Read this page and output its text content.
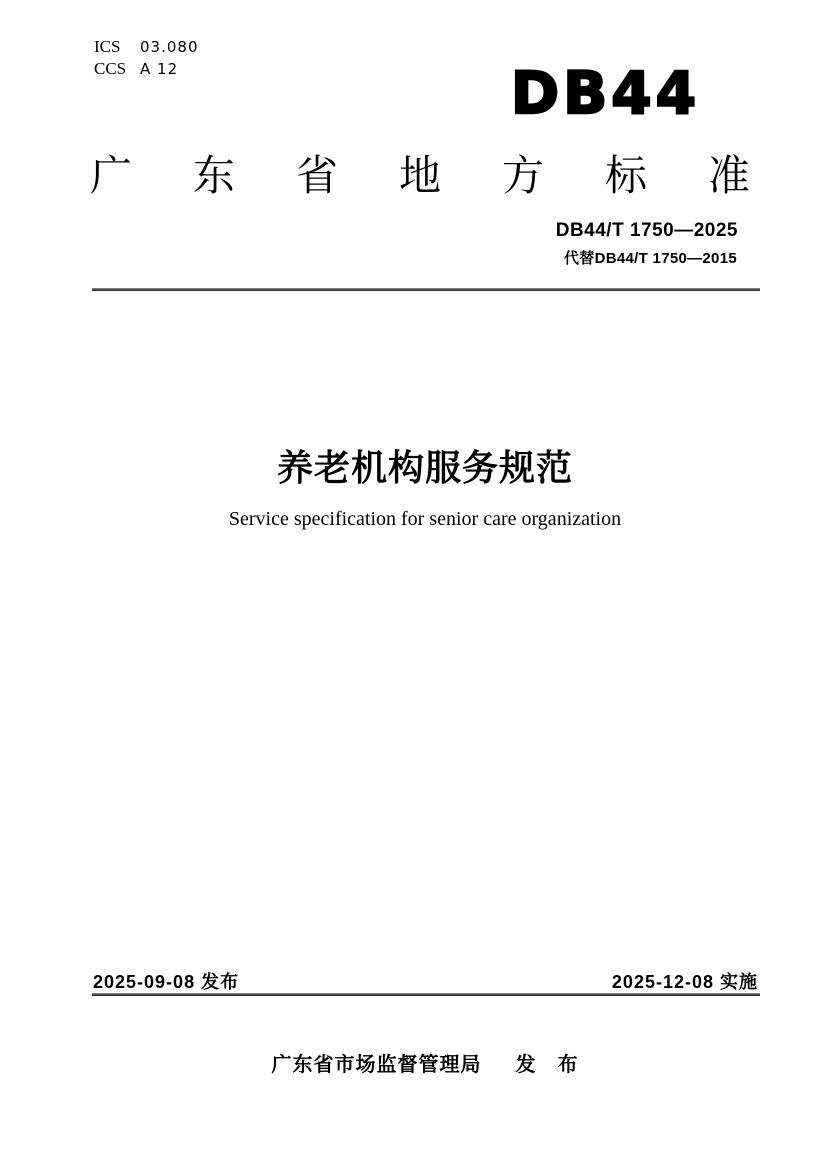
ICS 03.080
CCS A 12	DB44
广东省地方标准
DB44/T 1750—2025
代替DB44/T 1750—2015
养老机构服务规范
Service specification for senior care organization
2025-09-08 发布	2025-12-08 实施
广东省市场监督管理局 发　布
